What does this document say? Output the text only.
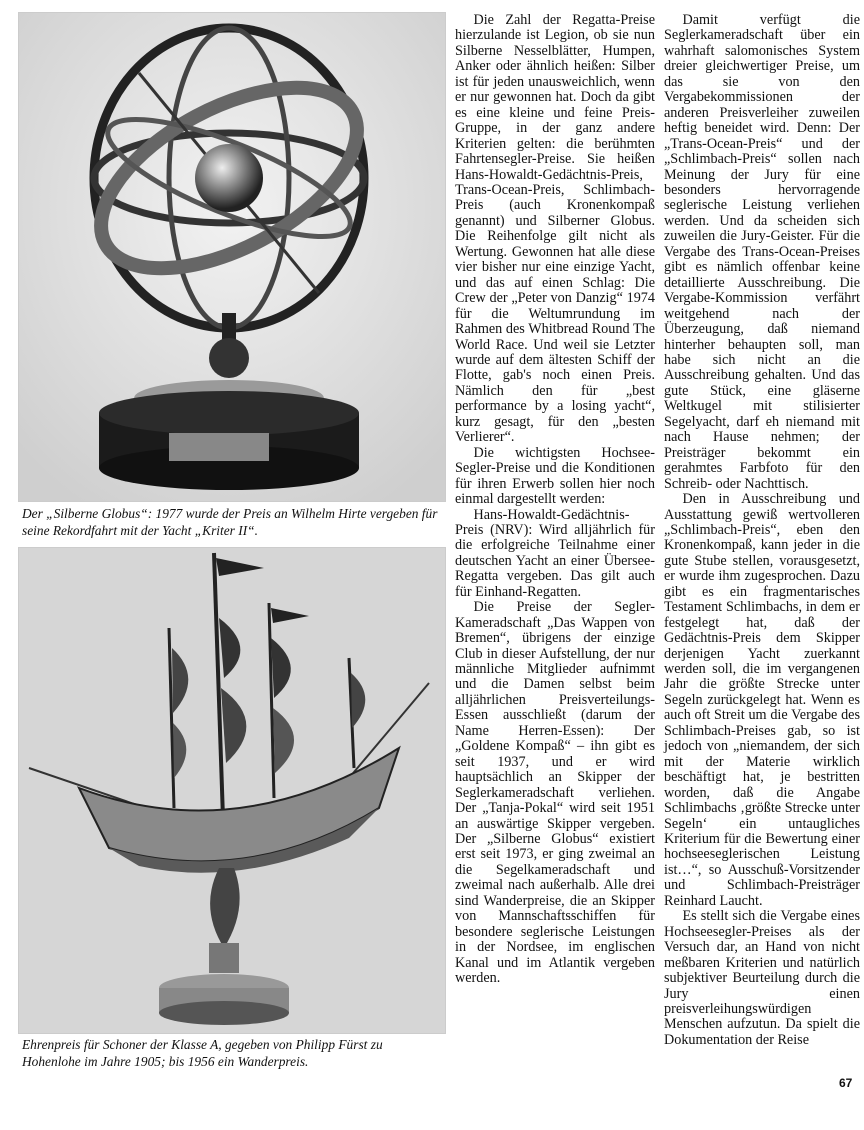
Der „Silberne Globus“: 1977 wurde der Preis an Wilhelm Hirte vergeben für seine Rekordfahrt mit der Yacht „Kriter II“.
Ehrenpreis für Schoner der Klasse A, gegeben von Philipp Fürst zu Hohenlohe im Jahre 1905; bis 1956 ein Wanderpreis.

Die Zahl der Regatta-Preise hierzulande ist Legion, ob sie nun Silberne Nesselblätter, Humpen, Anker oder ähnlich heißen: Silber ist für jeden unausweichlich, wenn er nur gewonnen hat. Doch da gibt es eine kleine und feine Preis-Gruppe, in der ganz andere Kriterien gelten: die berühmten Fahrtensegler-Preise. Sie heißen Hans-Howaldt-Gedächtnis-Preis, Trans-Ocean-Preis, Schlimbach-Preis (auch Kronenkompaß genannt) und Silberner Globus. Die Reihenfolge gilt nicht als Wertung. Gewonnen hat alle diese vier bisher nur eine einzige Yacht, und das auf einen Schlag: Die Crew der „Peter von Danzig“ 1974 für die Weltumrundung im Rahmen des Whitbread Round The World Race. Und weil sie Letzter wurde auf dem ältesten Schiff der Flotte, gab's noch einen Preis. Nämlich den für „best performance by a losing yacht“, kurz gesagt, für den „besten Verlierer“.

Die wichtigsten Hochsee-Segler-Preise und die Konditionen für ihren Erwerb sollen hier noch einmal dargestellt werden:

Hans-Howaldt-Gedächtnis-Preis (NRV): Wird alljährlich für die erfolgreiche Teilnahme einer deutschen Yacht an einer Übersee-Regatta vergeben. Das gilt auch für Einhand-Regatten.

Die Preise der Segler-Kameradschaft „Das Wappen von Bremen“, übrigens der einzige Club in dieser Aufstellung, der nur männliche Mitglieder aufnimmt und die Damen selbst beim alljährlichen Preisverteilungs-Essen ausschließt (darum der Name Herren-Essen): Der „Goldene Kompaß“ – ihn gibt es seit 1937, und er wird hauptsächlich an Skipper der Seglerkameradschaft verliehen. Der „Tanja-Pokal“ wird seit 1951 an auswärtige Skipper vergeben. Der „Silberne Globus“ existiert erst seit 1973, er ging zweimal an die Segelkameradschaft und zweimal nach außerhalb. Alle drei sind Wanderpreise, die an Skipper von Mannschaftsschiffen für besondere seglerische Leistungen in der Nordsee, im englischen Kanal und im Atlantik vergeben werden.

Damit verfügt die Seglerkameradschaft über ein wahrhaft salomonisches System dreier gleichwertiger Preise, um das sie von den Vergabekommissionen der anderen Preisverleiher zuweilen heftig beneidet wird. Denn: Der „Trans-Ocean-Preis“ und der „Schlimbach-Preis“ sollen nach Meinung der Jury für eine besonders hervorragende seglerische Leistung verliehen werden. Und da scheiden sich zuweilen die Jury-Geister. Für die Vergabe des Trans-Ocean-Preises gibt es nämlich offenbar keine detaillierte Ausschreibung. Die Vergabe-Kommission verfährt weitgehend nach der Überzeugung, daß niemand hinterher behaupten soll, man habe sich nicht an die Ausschreibung gehalten. Und das gute Stück, eine gläserne Weltkugel mit stilisierter Segelyacht, darf eh niemand mit nach Hause nehmen; der Preisträger bekommt ein gerahmtes Farbfoto für den Schreib- oder Nachttisch.

Den in Ausschreibung und Ausstattung gewiß wertvolleren „Schlimbach-Preis“, eben den Kronenkompaß, kann jeder in die gute Stube stellen, vorausgesetzt, er wurde ihm zugesprochen. Dazu gibt es ein fragmentarisches Testament Schlimbachs, in dem er festgelegt hat, daß der Gedächtnis-Preis dem Skipper derjenigen Yacht zuerkannt werden soll, die im vergangenen Jahr die größte Strecke unter Segeln zurückgelegt hat. Wenn es auch oft Streit um die Vergabe des Schlimbach-Preises gab, so ist jedoch von „niemandem, der sich mit der Materie wirklich beschäftigt hat, je bestritten worden, daß die Angabe Schlimbachs ‚größte Strecke unter Segeln‘ ein untaugliches Kriterium für die Bewertung einer hochseeseglerischen Leistung ist…“, so Ausschuß-Vorsitzender und Schlimbach-Preisträger Reinhard Laucht.

Es stellt sich die Vergabe eines Hochseesegler-Preises als der Versuch dar, an Hand von nicht meßbaren Kriterien und natürlich subjektiver Beurteilung durch die Jury einen preisverleihungswürdigen Menschen aufzutun. Da spielt die Dokumentation der Reise

67
